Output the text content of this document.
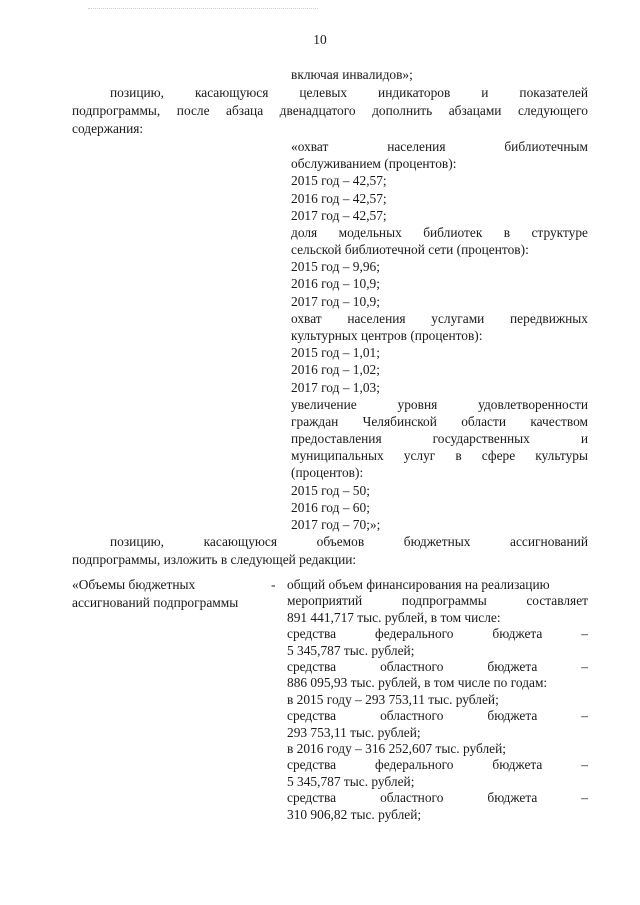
10
включая инвалидов»;
позицию, касающуюся целевых индикаторов и показателей
подпрограммы, после абзаца двенадцатого дополнить абзацами следующего
содержания:
«охват населения библиотечным
обслуживанием (процентов):
2015 год – 42,57;
2016 год – 42,57;
2017 год – 42,57;
доля модельных библиотек в структуре
сельской библиотечной сети (процентов):
2015 год – 9,96;
2016 год – 10,9;
2017 год – 10,9;
охват населения услугами передвижных
культурных центров (процентов):
2015 год – 1,01;
2016 год – 1,02;
2017 год – 1,03;
увеличение уровня удовлетворенности
граждан Челябинской области качеством
предоставления государственных и
муниципальных услуг в сфере культуры
(процентов):
2015 год – 50;
2016 год – 60;
2017 год – 70;»;
позицию, касающуюся объемов бюджетных ассигнований
подпрограммы, изложить в следующей редакции:
«Объемы бюджетных
ассигнований подпрограммы
- общий объем финансирования на реализацию
мероприятий подпрограммы составляет
891 441,717 тыс. рублей, в том числе:
средства федерального бюджета –
5 345,787 тыс. рублей;
средства областного бюджета –
886 095,93 тыс. рублей, в том числе по годам:
в 2015 году – 293 753,11 тыс. рублей;
средства областного бюджета –
293 753,11 тыс. рублей;
в 2016 году – 316 252,607 тыс. рублей;
средства федерального бюджета –
5 345,787 тыс. рублей;
средства областного бюджета –
310 906,82 тыс. рублей;
